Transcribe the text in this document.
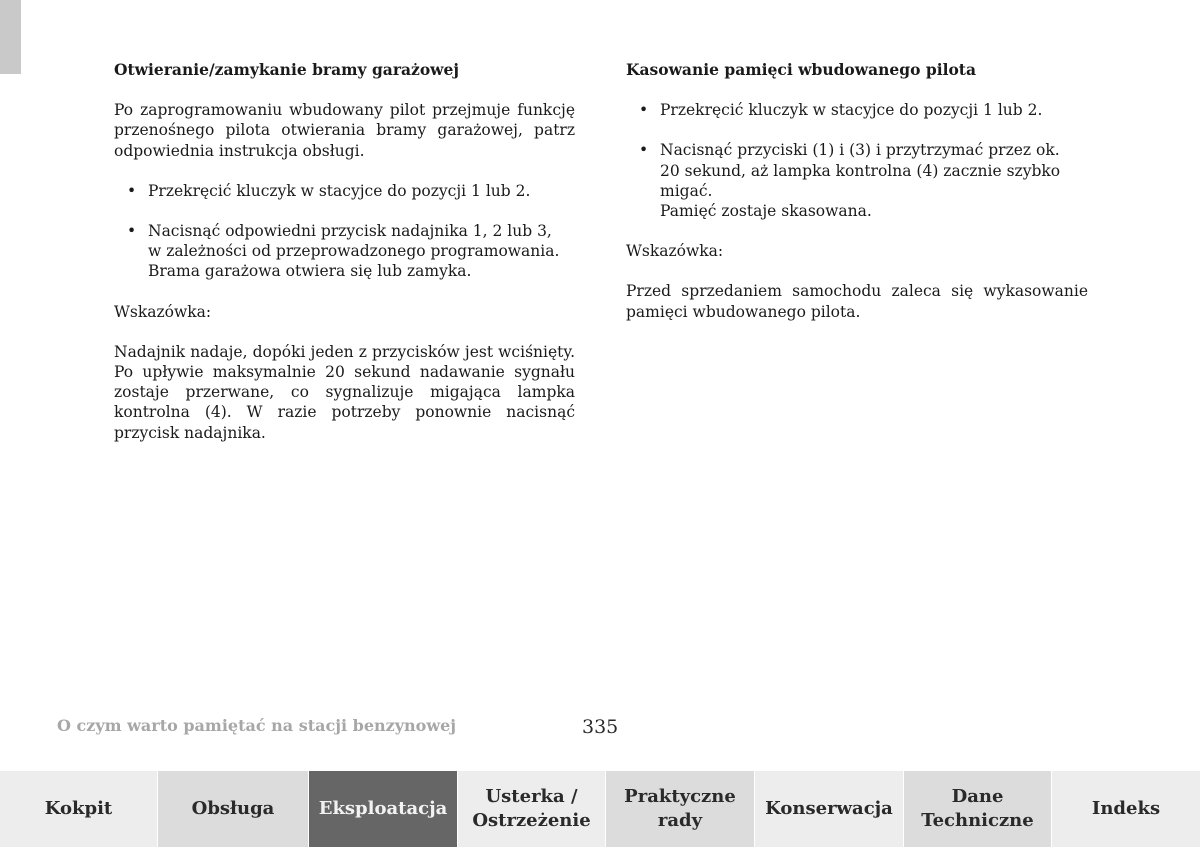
Otwieranie/zamykanie bramy garażowej
Po zaprogramowaniu wbudowany pilot przejmuje funkcję przenośnego pilota otwierania bramy garażowej, patrz odpowiednia instrukcja obsługi.
• Przekręcić kluczyk w stacyjce do pozycji 1 lub 2.
• Nacisnąć odpowiedni przycisk nadajnika 1, 2 lub 3,
w zależności od przeprowadzonego programowania.
Brama garażowa otwiera się lub zamyka.
Wskazówka:
Nadajnik nadaje, dopóki jeden z przycisków jest wciśnięty. Po upływie maksymalnie 20 sekund nadawanie sygnału zostaje przerwane, co sygnalizuje migająca lampka kontrolna (4). W razie potrzeby ponownie nacisnąć przycisk nadajnika.
Kasowanie pamięci wbudowanego pilota
• Przekręcić kluczyk w stacyjce do pozycji 1 lub 2.
• Nacisnąć przyciski (1) i (3) i przytrzymać przez ok.
20 sekund, aż lampka kontrolna (4) zacznie szybko
migać.
Pamięć zostaje skasowana.
Wskazówka:
Przed sprzedaniem samochodu zaleca się wykasowanie pamięci wbudowanego pilota.
O czym warto pamiętać na stacji benzynowej	335
Kokpit	Obsługa Eksploatacja
Usterka /
Ostrzeżenie
Praktyczne
rady
Konserwacja
Dane
Techniczne
Indeks
